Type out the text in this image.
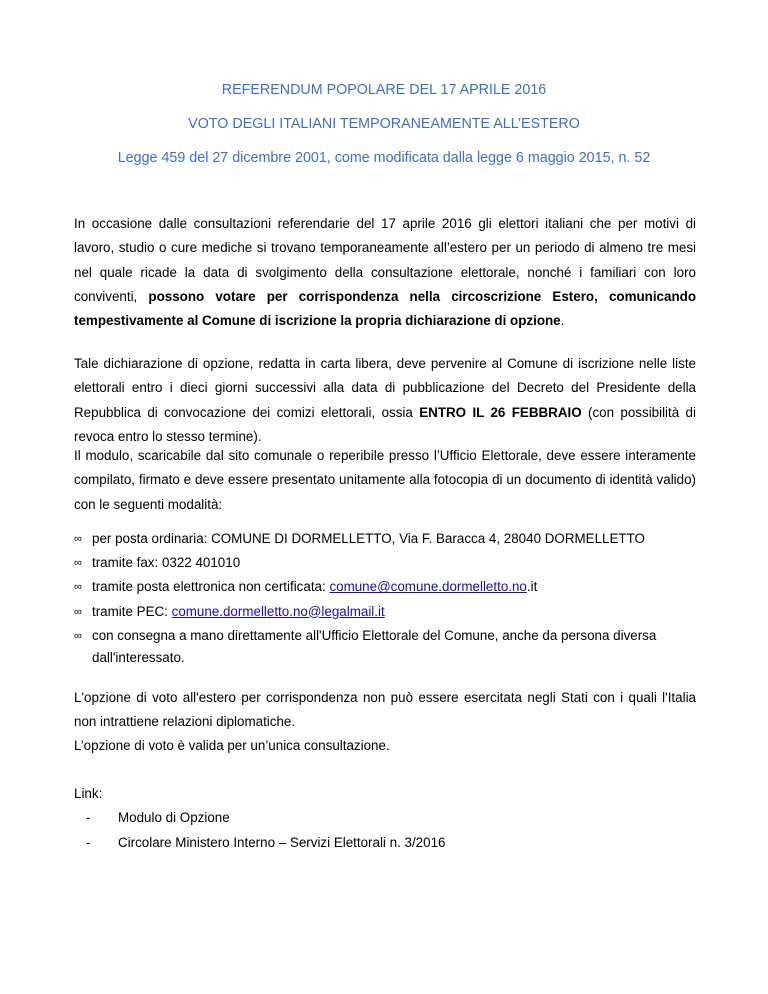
REFERENDUM POPOLARE DEL 17 APRILE 2016
VOTO DEGLI ITALIANI TEMPORANEAMENTE ALL’ESTERO
Legge 459 del 27 dicembre 2001, come modificata dalla legge 6 maggio 2015, n. 52
In occasione dalle consultazioni referendarie del 17 aprile 2016 gli elettori italiani che per motivi di lavoro, studio o cure mediche si trovano temporaneamente all’estero per un periodo di almeno tre mesi nel quale ricade la data di svolgimento della consultazione elettorale, nonché i familiari con loro conviventi, possono votare per corrispondenza nella circoscrizione Estero, comunicando tempestivamente al Comune di iscrizione la propria dichiarazione di opzione.
Tale dichiarazione di opzione, redatta in carta libera, deve pervenire al Comune di iscrizione nelle liste elettorali entro i dieci giorni successivi alla data di pubblicazione del Decreto del Presidente della Repubblica di convocazione dei comizi elettorali, ossia ENTRO IL 26 FEBBRAIO (con possibilità di revoca entro lo stesso termine).
Il modulo, scaricabile dal sito comunale o reperibile presso l’Ufficio Elettorale, deve essere interamente compilato, firmato e deve essere presentato unitamente alla fotocopia di un documento di identità valido) con le seguenti modalità:
∞ per posta ordinaria: COMUNE DI DORMELLETTO, Via F. Baracca 4, 28040 DORMELLETTO
∞ tramite fax: 0322 401010
∞ tramite posta elettronica non certificata: comune@comune.dormelletto.no.it
∞ tramite PEC: comune.dormelletto.no@legalmail.it
∞ con consegna a mano direttamente all'Ufficio Elettorale del Comune, anche da persona diversa dall'interessato.
L'opzione di voto all'estero per corrispondenza non può essere esercitata negli Stati con i quali l'Italia non intrattiene relazioni diplomatiche.
L’opzione di voto è valida per un’unica consultazione.
Link:
- Modulo di Opzione
- Circolare Ministero Interno – Servizi Elettorali n. 3/2016
